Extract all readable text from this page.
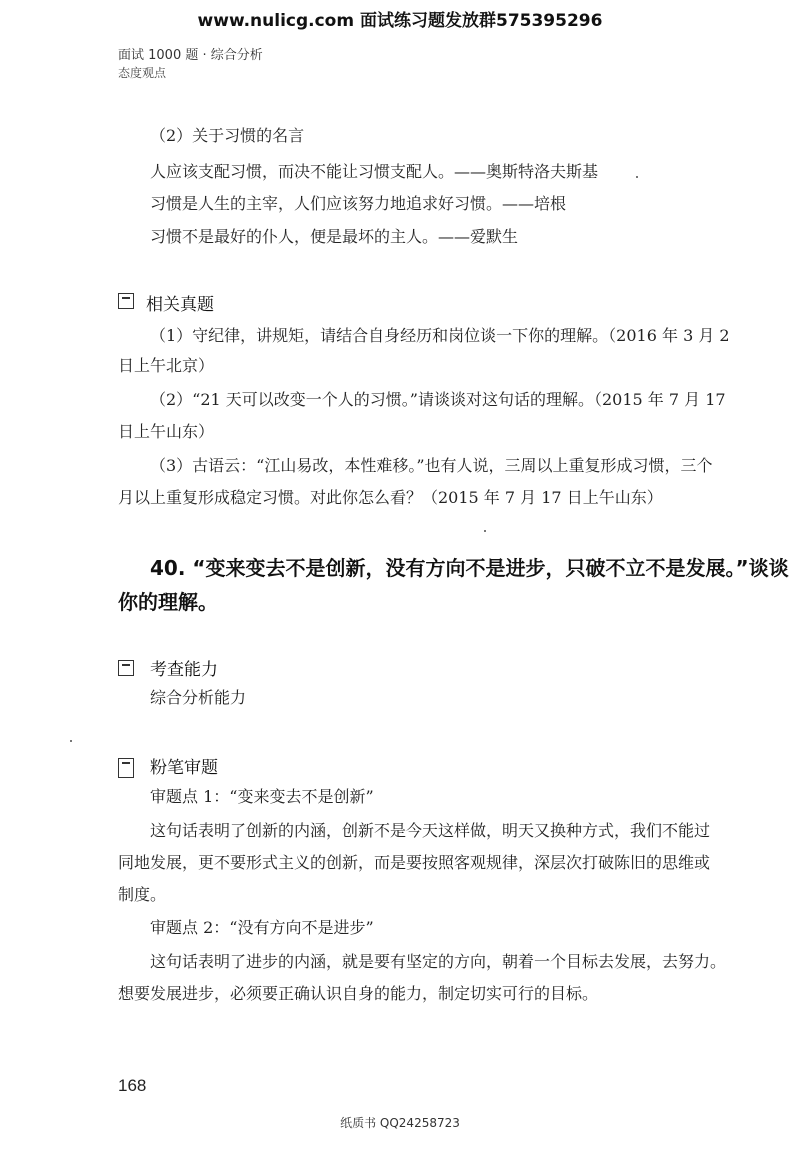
www.nulicg.com 面试练习题发放群575395296
面试 1000 题 · 综合分析
态度观点
（2）关于习惯的名言
人应该支配习惯，而决不能让习惯支配人。——奥斯特洛夫斯基
习惯是人生的主宰，人们应该努力地追求好习惯。——培根
习惯不是最好的仆人，便是最坏的主人。——爱默生
相关真题
（1）守纪律，讲规矩，请结合自身经历和岗位谈一下你的理解。（2016 年 3 月 2
日上午北京）
（2）“21 天可以改变一个人的习惯。”请谈谈对这句话的理解。（2015 年 7 月 17
日上午山东）
（3）古语云：“江山易改，本性难移。”也有人说，三周以上重复形成习惯，三个
月以上重复形成稳定习惯。对此你怎么看？（2015 年 7 月 17 日上午山东）
40. “变来变去不是创新，没有方向不是进步，只破不立不是发展。”谈谈
你的理解。
考查能力
综合分析能力
粉笔审题
审题点 1：“变来变去不是创新”
这句话表明了创新的内涵，创新不是今天这样做，明天又换种方式，我们不能过
同地发展，更不要形式主义的创新，而是要按照客观规律，深层次打破陈旧的思维或
制度。
审题点 2：“没有方向不是进步”
这句话表明了进步的内涵，就是要有坚定的方向，朝着一个目标去发展，去努力。
想要发展进步，必须要正确认识自身的能力，制定切实可行的目标。
168
纸质书 QQ24258723
